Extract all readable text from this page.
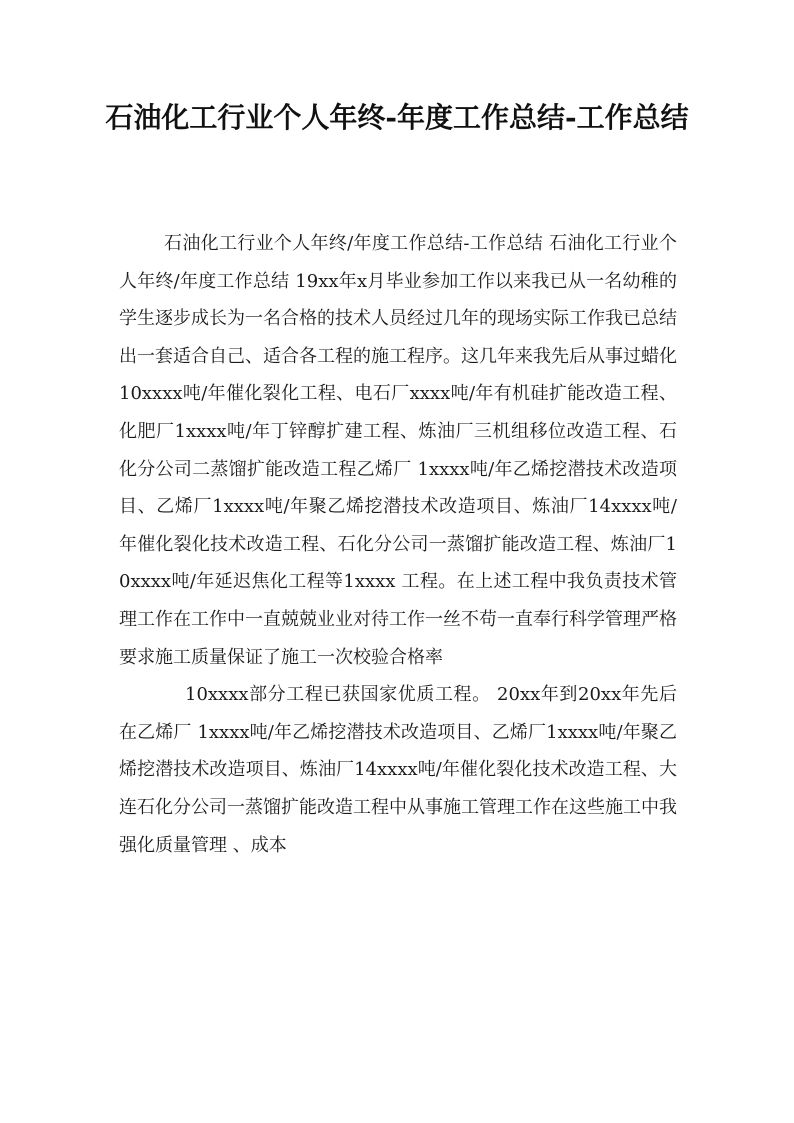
石油化工行业个人年终-年度工作总结-工作总结

石油化工行业个人年终/年度工作总结-工作总结 石油化工行业个人年终/年度工作总结 19xx年x月毕业参加工作以来我已从一名幼稚的学生逐步成长为一名合格的技术人员经过几年的现场实际工作我已总结出一套适合自己、适合各工程的施工程序。这几年来我先后从事过蜡化10xxxx吨/年催化裂化工程、电石厂xxxx吨/年有机硅扩能改造工程、化肥厂1xxxx吨/年丁锌醇扩建工程、炼油厂三机组移位改造工程、石化分公司二蒸馏扩能改造工程乙烯厂 1xxxx吨/年乙烯挖潜技术改造项目、乙烯厂1xxxx吨/年聚乙烯挖潜技术改造项目、炼油厂14xxxx吨/年催化裂化技术改造工程、石化分公司一蒸馏扩能改造工程、炼油厂10xxxx吨/年延迟焦化工程等1xxxx 工程。在上述工程中我负责技术管理工作在工作中一直兢兢业业对待工作一丝不苟一直奉行科学管理严格要求施工质量保证了施工一次校验合格率

10xxxx部分工程已获国家优质工程。 20xx年到20xx年先后在乙烯厂 1xxxx吨/年乙烯挖潜技术改造项目、乙烯厂1xxxx吨/年聚乙烯挖潜技术改造项目、炼油厂14xxxx吨/年催化裂化技术改造工程、大连石化分公司一蒸馏扩能改造工程中从事施工管理工作在这些施工中我强化质量管理 、成本
